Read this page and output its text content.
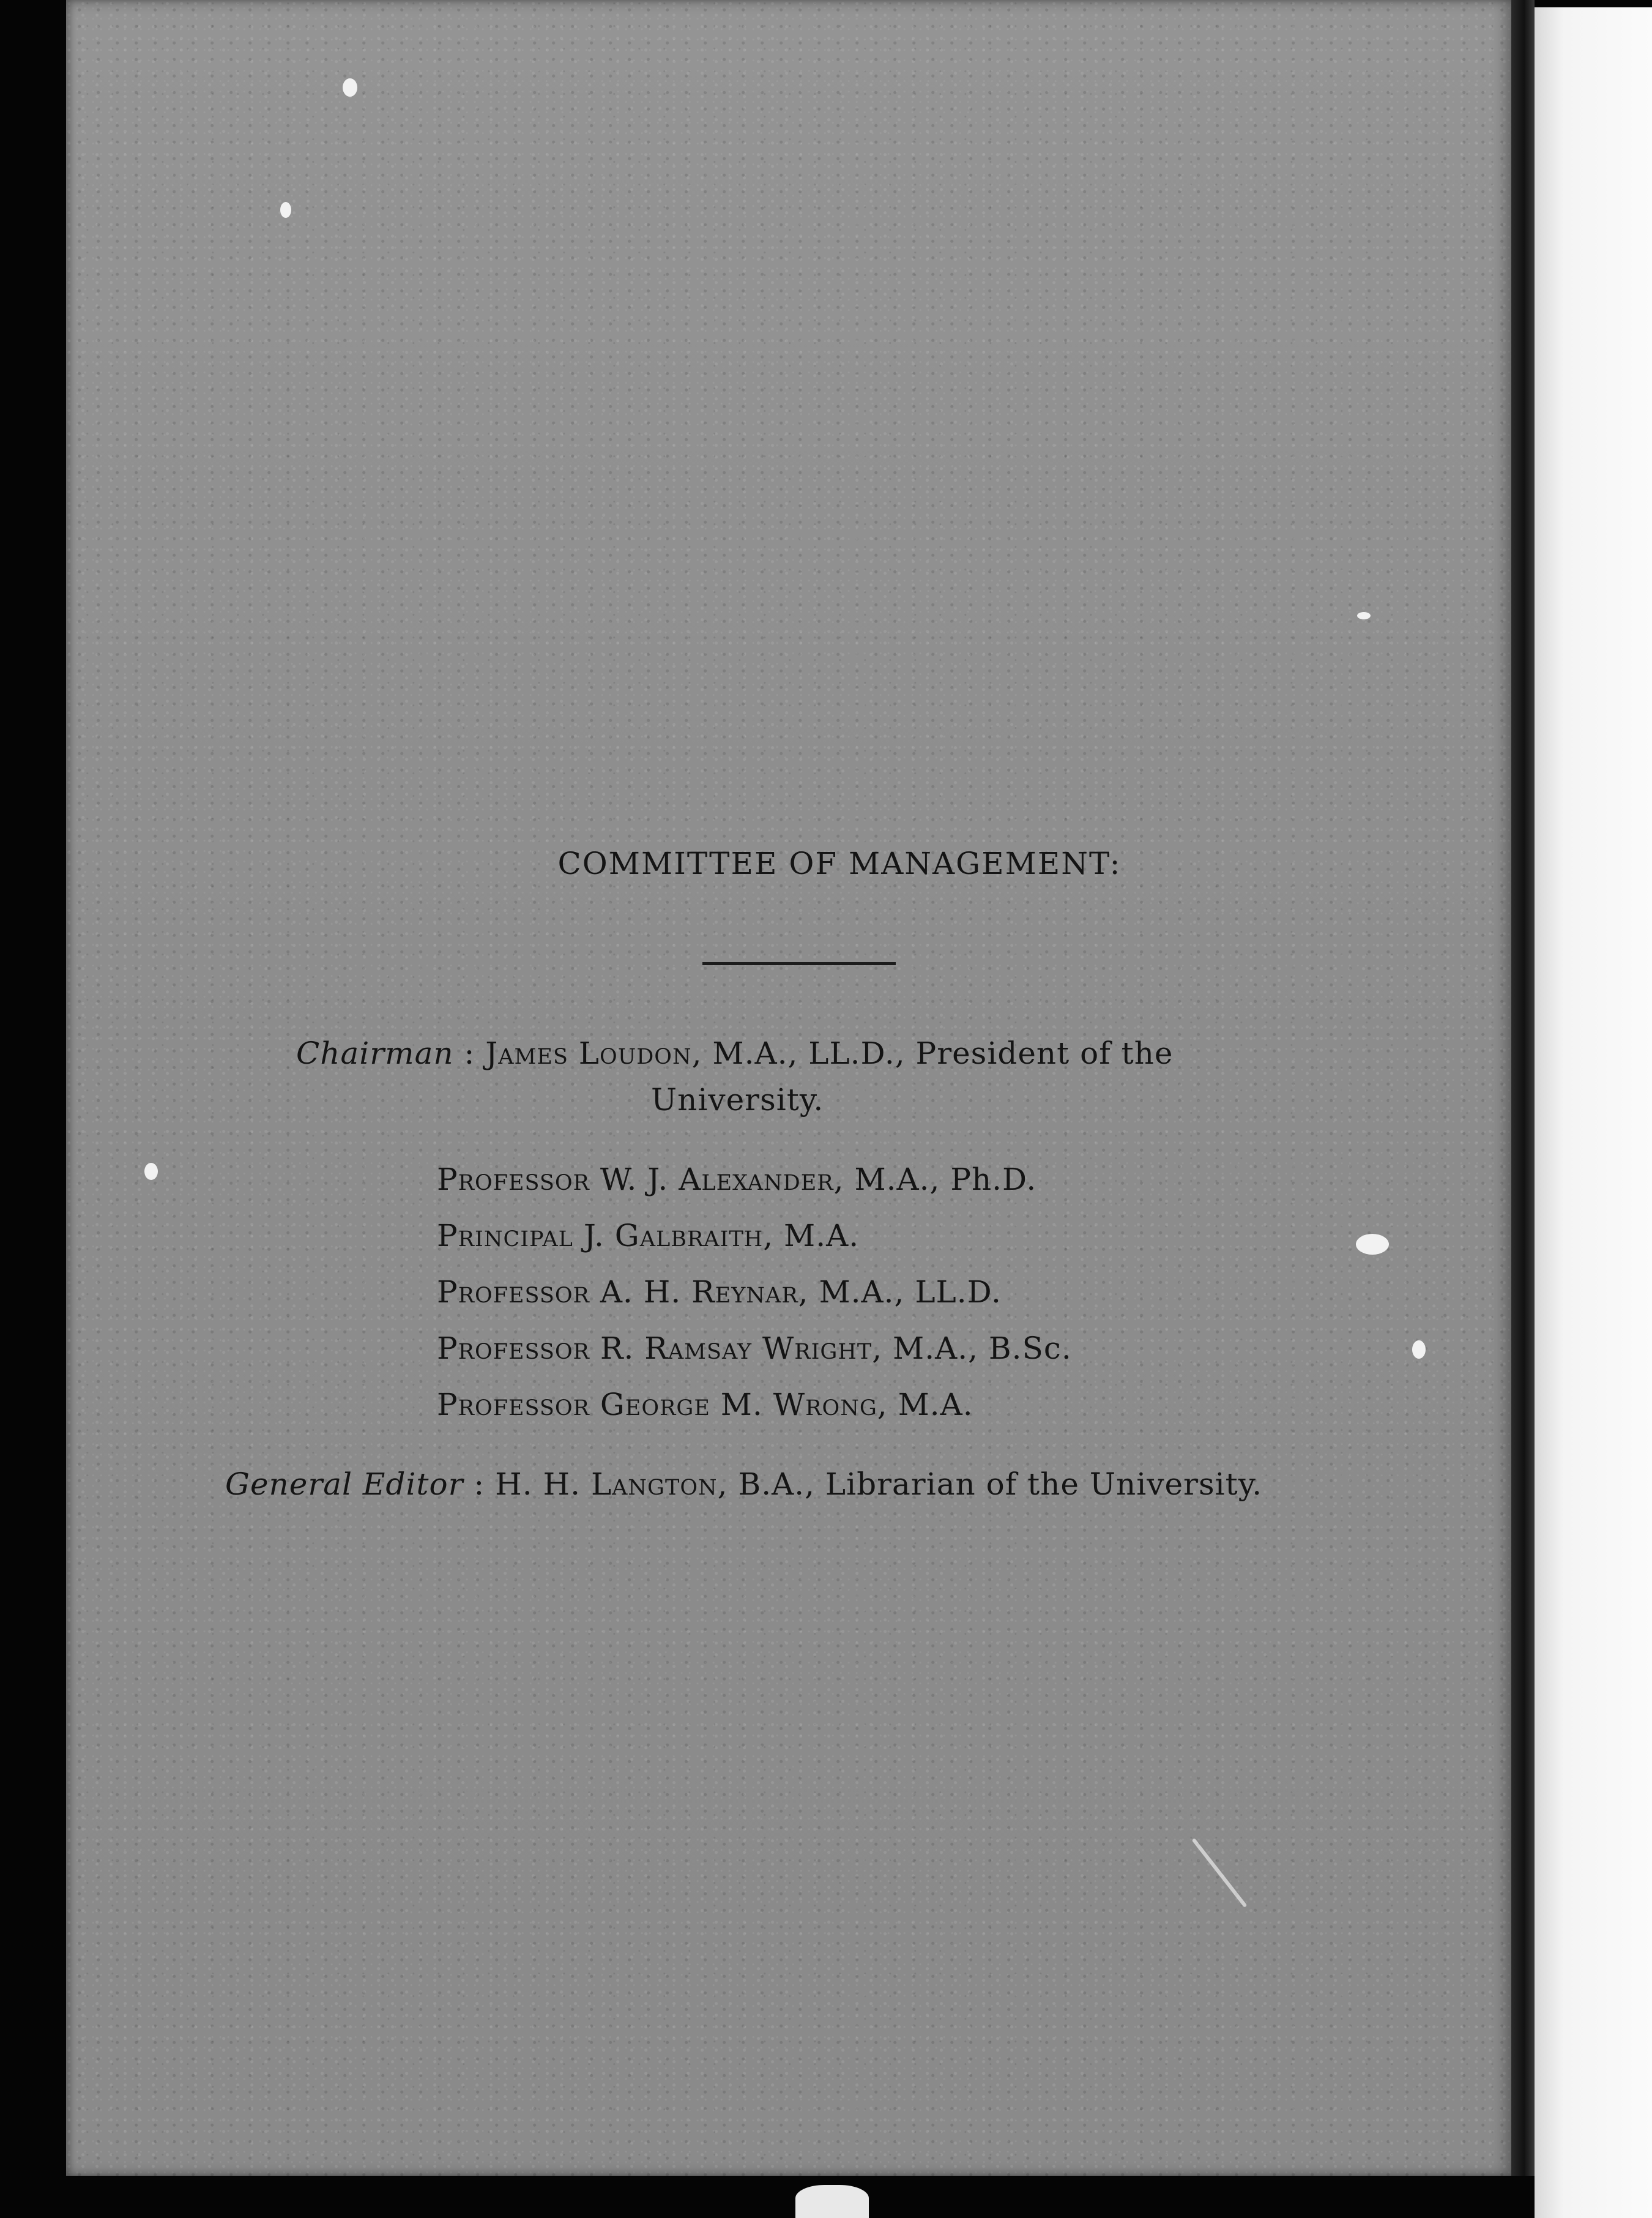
COMMITTEE OF MANAGEMENT:
Chairman : James Loudon, M.A., LL.D., President of the
University.
Professor W. J. Alexander, M.A., Ph.D.
Principal J. Galbraith, M.A.
Professor A. H. Reynar, M.A., LL.D.
Professor R. Ramsay Wright, M.A., B.Sc.
Professor George M. Wrong, M.A.
General Editor : H. H. Langton, B.A., Librarian of the University.
